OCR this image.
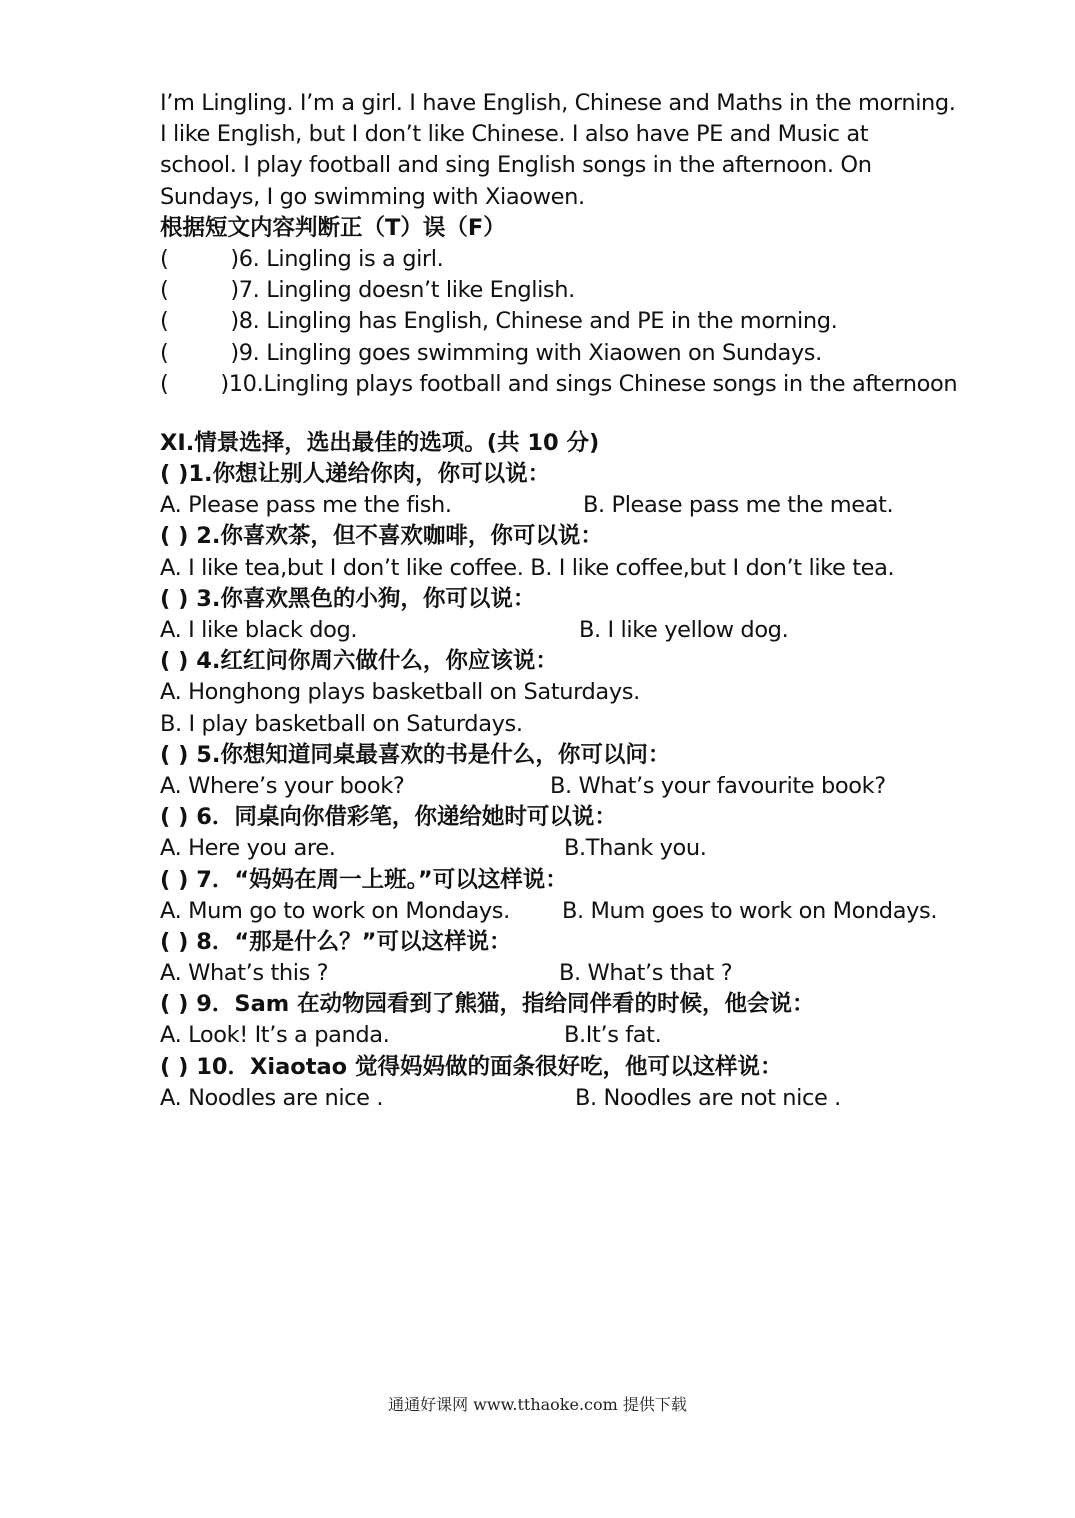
I’m Lingling. I’m a girl. I have English, Chinese and Maths in the morning.
I like English, but I don’t like Chinese. I also have PE and Music at
school. I play football and sing English songs in the afternoon. On
Sundays, I go swimming with Xiaowen.
根据短文内容判断正（T）误（F）
(	)6. Lingling is a girl.
(	)7. Lingling doesn’t like English.
(	)8. Lingling has English, Chinese and PE in the morning.
(	)9. Lingling goes swimming with Xiaowen on Sundays.
( )10.Lingling plays football and sings Chinese songs in the afternoon
XI.情景选择，选出最佳的选项。(共 10 分)
( )1.你想让别人递给你肉，你可以说：
A. Please pass me the fish.	B. Please pass me the meat.
( ) 2.你喜欢茶，但不喜欢咖啡，你可以说：
A. I like tea,but I don’t like coffee. B. I like coffee,but I don’t like tea.
( ) 3.你喜欢黑色的小狗，你可以说：
A. I like black dog.	B. I like yellow dog.
( ) 4.红红问你周六做什么，你应该说：
A. Honghong plays basketball on Saturdays.
B. I play basketball on Saturdays.
( ) 5.你想知道同桌最喜欢的书是什么，你可以问：
A. Where’s your book?	B. What’s your favourite book?
( ) 6．同桌向你借彩笔，你递给她时可以说：
A. Here you are.	B.Thank you.
( ) 7．“妈妈在周一上班。”可以这样说：
A. Mum go to work on Mondays. B. Mum goes to work on Mondays.
( ) 8．“那是什么？”可以这样说：
A. What’s this ?	B. What’s that ?
( ) 9．Sam 在动物园看到了熊猫，指给同伴看的时候，他会说：
A. Look! It’s a panda.	B.It’s fat.
( ) 10．Xiaotao 觉得妈妈做的面条很好吃，他可以这样说：
A. Noodles are nice .	B. Noodles are not nice .
通通好课网 www.tthaoke.com 提供下载
